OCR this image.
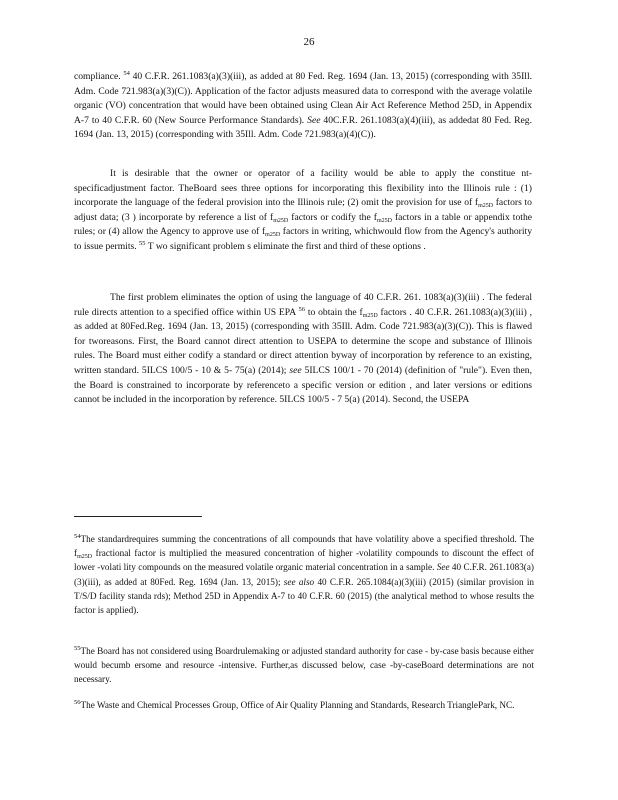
26

compliance. $^{54}$ 40 C.F.R. 261.1083(a)(3)(iii), as added at 80 Fed. Reg. 1694 (Jan. 13, 2015) (corresponding with 35Ill. Adm. Code 721.983(a)(3)(C)). Application of the factor adjusts measured data to correspond with the average volatile organic (VO) concentration that would have been obtained using Clean Air Act Reference Method 25D, in Appendix A-7 to 40 C.F.R. 60 (New Source Performance Standards). See 40C.F.R. 261.1083(a)(4)(iii), as addedat 80 Fed. Reg. 1694 (Jan. 13, 2015) (corresponding with 35Ill. Adm. Code 721.983(a)(4)(C)).

It is desirable that the owner or operator of a facility would be able to apply the constitue nt-specificadjustment factor. TheBoard sees three options for incorporating this flexibility into the Illinois rule : (1) incorporate the language of the federal provision into the Illinois rule; (2) omit the provision for use of $f_{m25D}$ factors to adjust data; (3 ) incorporate by reference a list of $f_{m25D}$ factors or codify the $f_{m25D}$ factors in a table or appendix tothe rules; or (4) allow the Agency to approve use of $f_{m25D}$ factors in writing, whichwould flow from the Agency's authority to issue permits. $^{55}$ T wo significant problem s eliminate the first and third of these options .

The first problem eliminates the option of using the language of 40 C.F.R. 261. 1083(a)(3)(iii) . The federal rule directs attention to a specified office within US EPA $^{56}$ to obtain the $f_{m25D}$ factors . 40 C.F.R. 261.1083(a)(3)(iii) , as added at 80Fed.Reg. 1694 (Jan. 13, 2015) (corresponding with 35Ill. Adm. Code 721.983(a)(3)(C)). This is flawed for tworeasons. First, the Board cannot direct attention to USEPA to determine the scope and substance of Illinois rules. The Board must either codify a standard or direct attention byway of incorporation by reference to an existing, written standard. 5ILCS 100/5 - 10 & 5- 75(a) (2014); see 5ILCS 100/1 - 70 (2014) (definition of "rule"). Even then, the Board is constrained to incorporate by referenceto a specific version or edition , and later versions or editions cannot be included in the incorporation by reference. 5ILCS 100/5 - 7 5(a) (2014). Second, the USEPA

$^{54}$The standardrequires summing the concentrations of all compounds that have volatility above a specified threshold. The $f_{m25D}$ fractional factor is multiplied the measured concentration of higher -volatility compounds to discount the effect of lower -volati lity compounds on the measured volatile organic material concentration in a sample. See 40 C.F.R. 261.1083(a)(3)(iii), as added at 80Fed. Reg. 1694 (Jan. 13, 2015); see also 40 C.F.R. 265.1084(a)(3)(iii) (2015) (similar provision in T/S/D facility standa rds); Method 25D in Appendix A-7 to 40 C.F.R. 60 (2015) (the analytical method to whose results the factor is applied).

$^{55}$The Board has not considered using Boardrulemaking or adjusted standard authority for case - by-case basis because either would becumb ersome and resource -intensive. Further,as discussed below, case -by-caseBoard determinations are not necessary.

$^{56}$The Waste and Chemical Processes Group, Office of Air Quality Planning and Standards, Research TrianglePark, NC.
